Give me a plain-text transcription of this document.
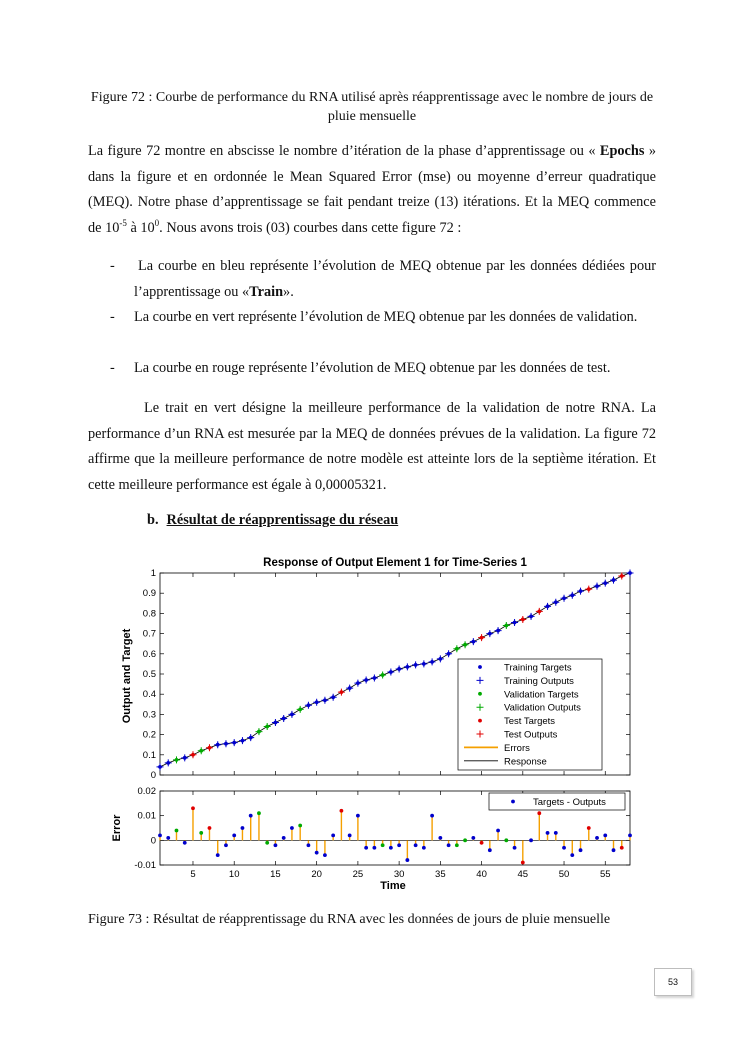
Figure 72 : Courbe de performance du RNA utilisé après réapprentissage avec le nombre de jours de pluie mensuelle
La figure 72 montre en abscisse le nombre d’itération de la phase d’apprentissage ou « Epochs » dans la figure et en ordonnée le Mean Squared Error (mse) ou moyenne d’erreur quadratique (MEQ). Notre phase d’apprentissage se fait pendant treize (13) itérations. Et la MEQ commence de $10^{-5}$ à $10^0$. Nous avons trois (03) courbes dans cette figure 72 :
- La courbe en bleu représente l’évolution de MEQ obtenue par les données dédiées pour l’apprentissage ou «Train».
- La courbe en vert représente l’évolution de MEQ obtenue par les données de validation.
- La courbe en rouge représente l’évolution de MEQ obtenue par les données de test.
Le trait en vert désigne la meilleure performance de la validation de notre RNA. La performance d’un RNA est mesurée par la MEQ de données prévues de la validation. La figure 72 affirme que la meilleure performance de notre modèle est atteinte lors de la septième itération. Et cette meilleure performance est égale à 0,00005321.
b. Résultat de réapprentissage du réseau
Response of Output Element 1 for Time-Series 1
0
0.1
0.2
0.3
0.4
0.5
0.6
0.7
0.8
0.9
1
Training Targets
Training Outputs
Validation Targets
Validation Outputs
Test Targets
Test Outputs
Errors
Response
-0.01
0
0.01
0.02
5	10	15	20	25	30	35	40	45	50	55
Targets - Outputs
Output and Target
Error
Time
Figure 73 : Résultat de réapprentissage du RNA avec les données de jours de pluie mensuelle
53
